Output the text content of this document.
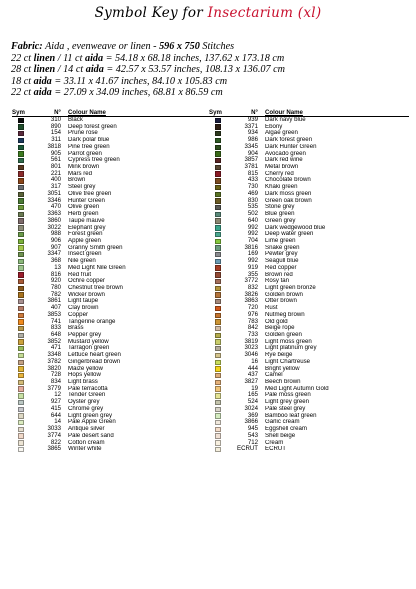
Symbol Key for Insectarium (xl)
Fabric: Aida , evenweave or linen - 596 x 750 Stitches
22 ct linen / 11 ct aida = 54.18 x 68.18 inches, 137.62 x 173.18 cm
28 ct linen / 14 ct aida = 42.57 x 53.57 inches, 108.13 x 136.07 cm
18 ct aida = 33.11 x 41.67 inches, 84.10 x 105.83 cm
22 ct aida = 27.09 x 34.09 inches, 68.81 x 86.59 cm
Sym	N°	Colour Name
310	Black
890	Deep forest green
154	Prune rose
311	Dark polar blue
3818	Pine tree green
905	Parrot green
561	Cypress tree green
801	Mink brown
221	Mars red
400	Brown
317	Steel grey
3051	Olive tree green
3346	Hunter Green
470	Olive green
3363	Herb green
3860	Taupe mauve
3022	Elephant grey
988	Forest green
906	Apple green
907	Granny Smith green
3347	Insect green
368	Nile green
13	Med Light Nile Green
816	Red fruit
920	Ochre copper
780	Chestnut tree brown
782	Wicker brown
3861	Light taupe
407	Clay brown
3853	Copper
741	Tangerine orange
833	Brass
648	Pepper grey
3852	Mustard yellow
471	Tarragon green
3348	Lettuce heart green
3782	Gingerbread brown
3820	Maize yellow
728	Hops yellow
834	Light brass
3779	Pale terracotta
12	Tender Green
927	Oyster grey
415	Chrome grey
644	Light green grey
14	Pale Apple Green
3033	Antique silver
3774	Pale desert sand
822	Cotton cream
3865	Winter white
Sym	N°	Colour Name
939	Dark navy blue
3371	Ebony
934	Algae green
986	Dark forest green
3345	Dark Hunter Green
904	Avocado green
3857	Dark red wine
3781	Metal brown
815	Cherry red
433	Chocolate brown
730	Khaki green
469	Dark moss green
830	Green oak brown
535	Stone grey
502	Blue green
640	Green grey
992	Dark wedgewood blue
992	Deep water green
704	Lime green
3816	Snake green
169	Pewter grey
992	Seagull blue
919	Red copper
355	Brown red
3772	Rosy tan
832	Light green bronze
3826	Golden brown
3863	Otter brown
720	Rust
976	Nutmeg brown
783	Old gold
842	Beige rope
733	Golden green
3819	Light moss green
3023	Light platinum grey
3046	Rye beige
16	Light Chartreuse
444	Bright yellow
437	Camel
3827	Beech brown
19	Med Light Autumn Gold
165	Pale moss green
524	Light grey green
3024	Pale steel grey
369	Bamboo leaf green
3866	Garlic cream
945	Eggshell cream
543	Shell beige
712	Cream
ECRUT	ECRUT
